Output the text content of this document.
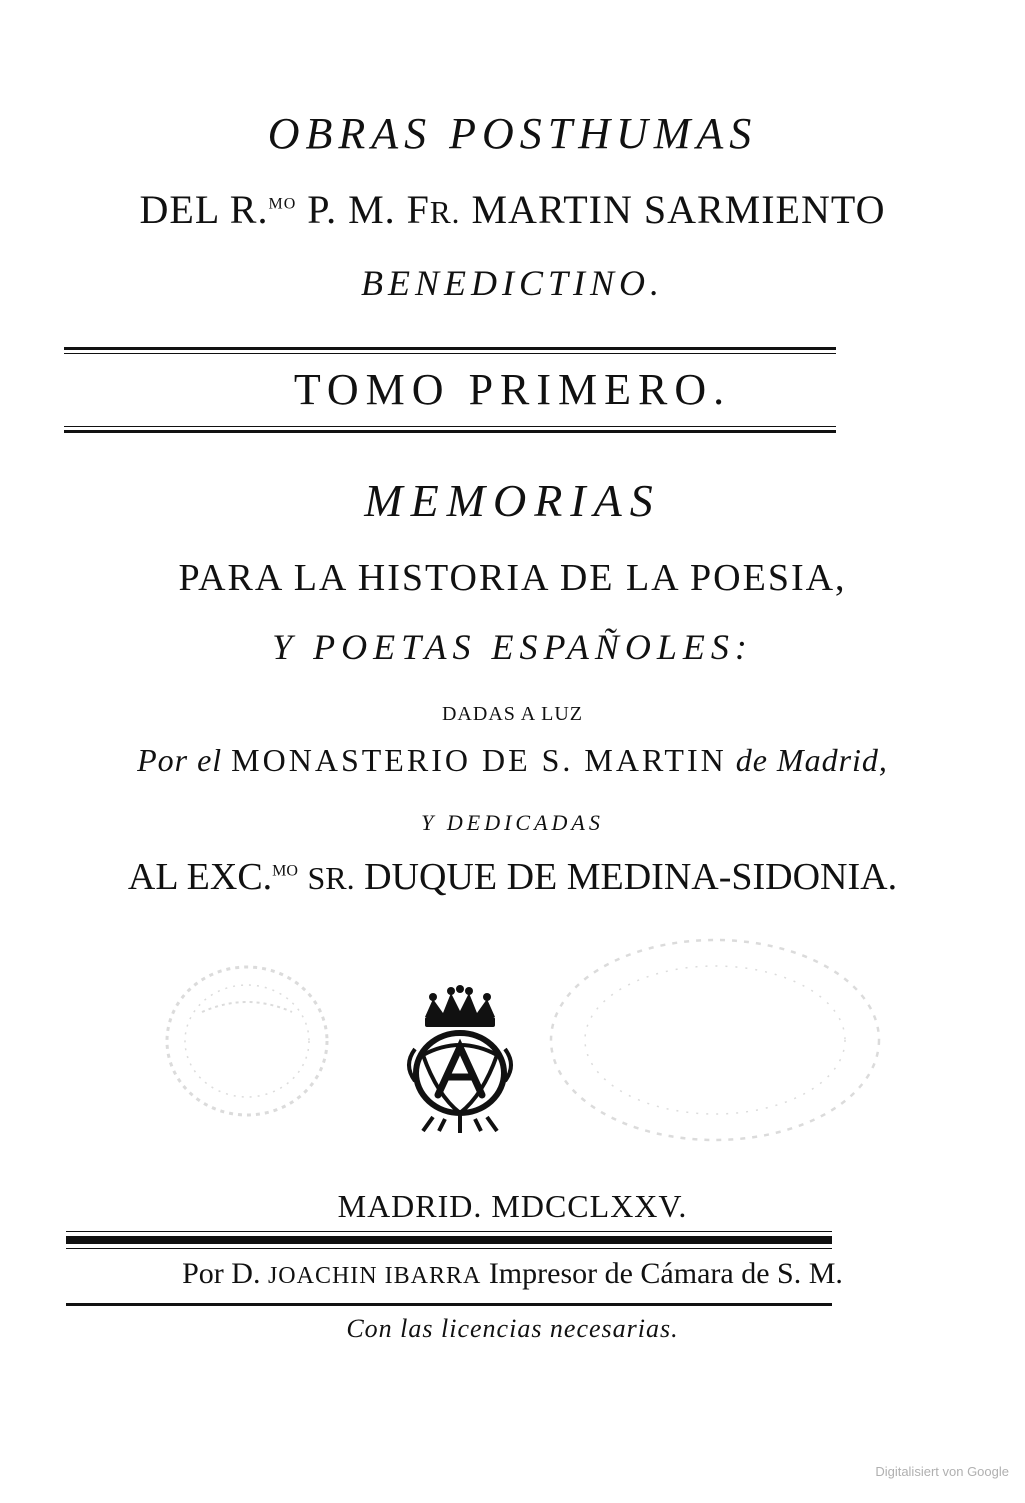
OBRAS POSTHUMAS
DEL R.$^{MO}$ P. M. FR. MARTIN SARMIENTO
BENEDICTINO.
TOMO PRIMERO.
MEMORIAS
PARA LA HISTORIA DE LA POESIA,
Y POETAS ESPAÑOLES:
DADAS A LUZ
Por el MONASTERIO DE S. MARTIN de Madrid,
Y DEDICADAS
AL EXC.$^{MO}$ SR. DUQUE DE MEDINA-SIDONIA.
MADRID. MDCCLXXV.
Por D. JOACHIN IBARRA Impresor de Cámara de S. M.
Con las licencias necesarias.
Digitalisiert von Google
